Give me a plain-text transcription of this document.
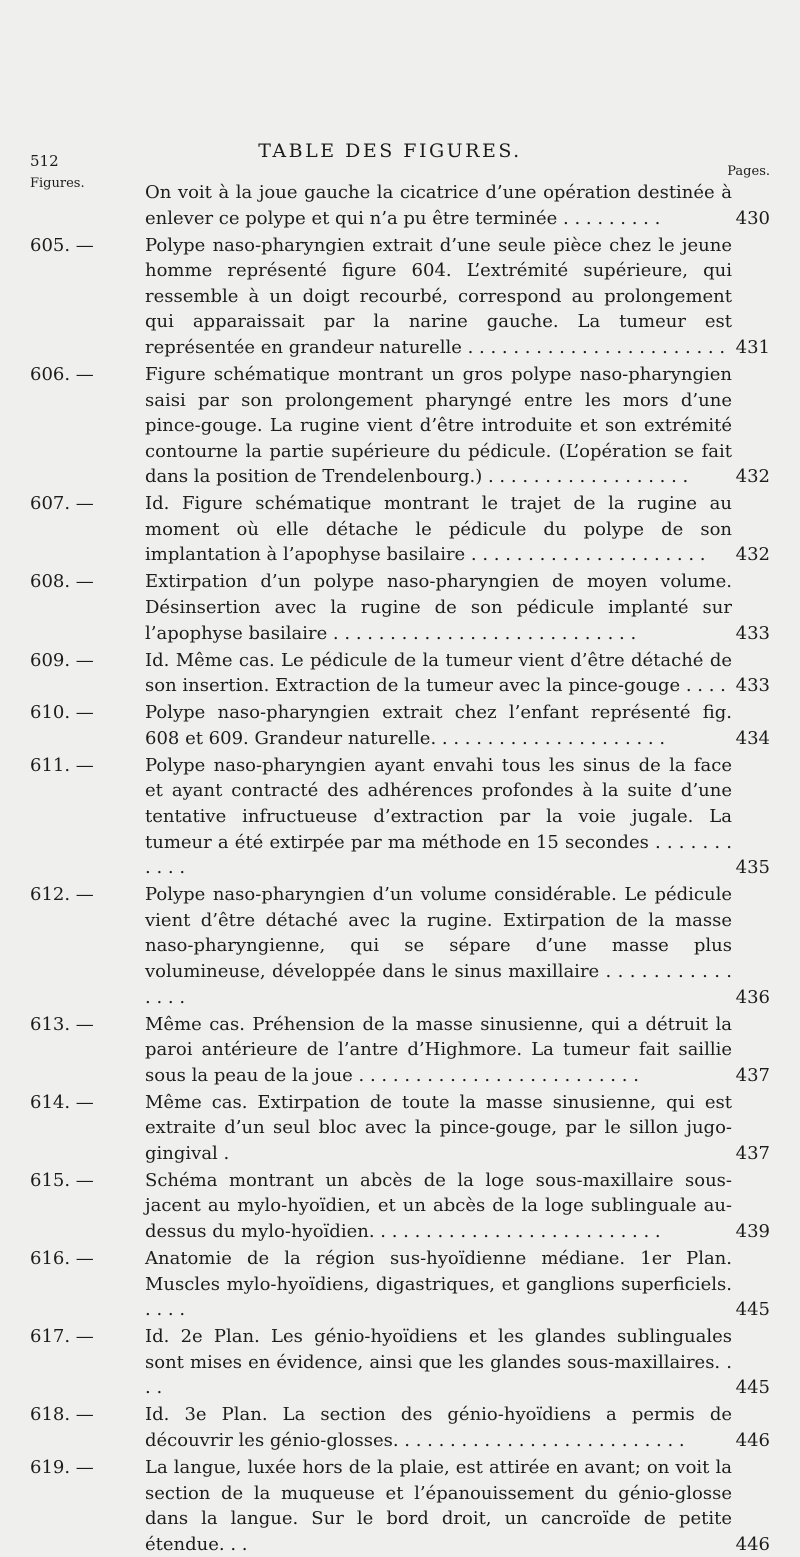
512	TABLE DES FIGURES.
Figures.
Pages.
On voit à la joue gauche la cicatrice d’une opération destinée à enlever ce polype et qui n’a pu être terminée . . . . . . . . .	430
605. —	Polype naso-pharyngien extrait d’une seule pièce chez le jeune homme représenté figure 604. L’extrémité supérieure, qui ressemble à un doigt recourbé, correspond au prolongement qui apparaissait par la narine gauche. La tumeur est représentée en grandeur naturelle . . . . . . . . . . . . . . . . . . . . . . . 431
606. —	Figure schématique montrant un gros polype naso-pharyngien saisi par son prolongement pharyngé entre les mors d’une pince-gouge. La rugine vient d’être introduite et son extrémité contourne la partie supérieure du pédicule. (L’opération se fait dans la position de Trendelenbourg.) . . . . . . . . . . . . . . . . . .	432
607. —	Id. Figure schématique montrant le trajet de la rugine au moment où elle détache le pédicule du polype de son implantation à l’apophyse basilaire . . . . . . . . . . . . . . . . . . . . .	432
608. —	Extirpation d’un polype naso-pharyngien de moyen volume. Désinsertion avec la rugine de son pédicule implanté sur l’apophyse basilaire . . . . . . . . . . . . . . . . . . . . . . . . . . .	433
609. —	Id. Même cas. Le pédicule de la tumeur vient d’être détaché de son insertion. Extraction de la tumeur avec la pince-gouge . . . . 433
610. —	Polype naso-pharyngien extrait chez l’enfant représenté fig. 608 et 609. Grandeur naturelle. . . . . . . . . . . . . . . . . . . . .	434
611. —	Polype naso-pharyngien ayant envahi tous les sinus de la face et ayant contracté des adhérences profondes à la suite d’une tentative infructueuse d’extraction par la voie jugale. La tumeur a été extirpée par ma méthode en 15 secondes . . . . . . . . . . .	435
612. —	Polype naso-pharyngien d’un volume considérable. Le pédicule vient d’être détaché avec la rugine. Extirpation de la masse naso-pharyngienne, qui se sépare d’une masse plus volumineuse, développée dans le sinus maxillaire . . . . . . . . . . . . . . .	436
613. —	Même cas. Préhension de la masse sinusienne, qui a détruit la paroi antérieure de l’antre d’Highmore. La tumeur fait saillie sous la peau de la joue . . . . . . . . . . . . . . . . . . . . . . . . .	437
614. —	Même cas. Extirpation de toute la masse sinusienne, qui est extraite d’un seul bloc avec la pince-gouge, par le sillon jugo-gingival .	437
615. —	Schéma montrant un abcès de la loge sous-maxillaire sous-jacent au mylo-hyoïdien, et un abcès de la loge sublinguale au-dessus du mylo-hyoïdien. . . . . . . . . . . . . . . . . . . . . . . . . .	439
616. —	Anatomie de la région sus-hyoïdienne médiane. 1er Plan. Muscles mylo-hyoïdiens, digastriques, et ganglions superficiels. . . . .	445
617. —	Id. 2e Plan. Les génio-hyoïdiens et les glandes sublinguales sont mises en évidence, ainsi que les glandes sous-maxillaires. . . .	445
618. —	Id. 3e Plan. La section des génio-hyoïdiens a permis de découvrir les génio-glosses. . . . . . . . . . . . . . . . . . . . . . . . . .	446
619. —	La langue, luxée hors de la plaie, est attirée en avant; on voit la section de la muqueuse et l’épanouissement du génio-glosse dans la langue. Sur le bord droit, un cancroïde de petite étendue. . .	446
